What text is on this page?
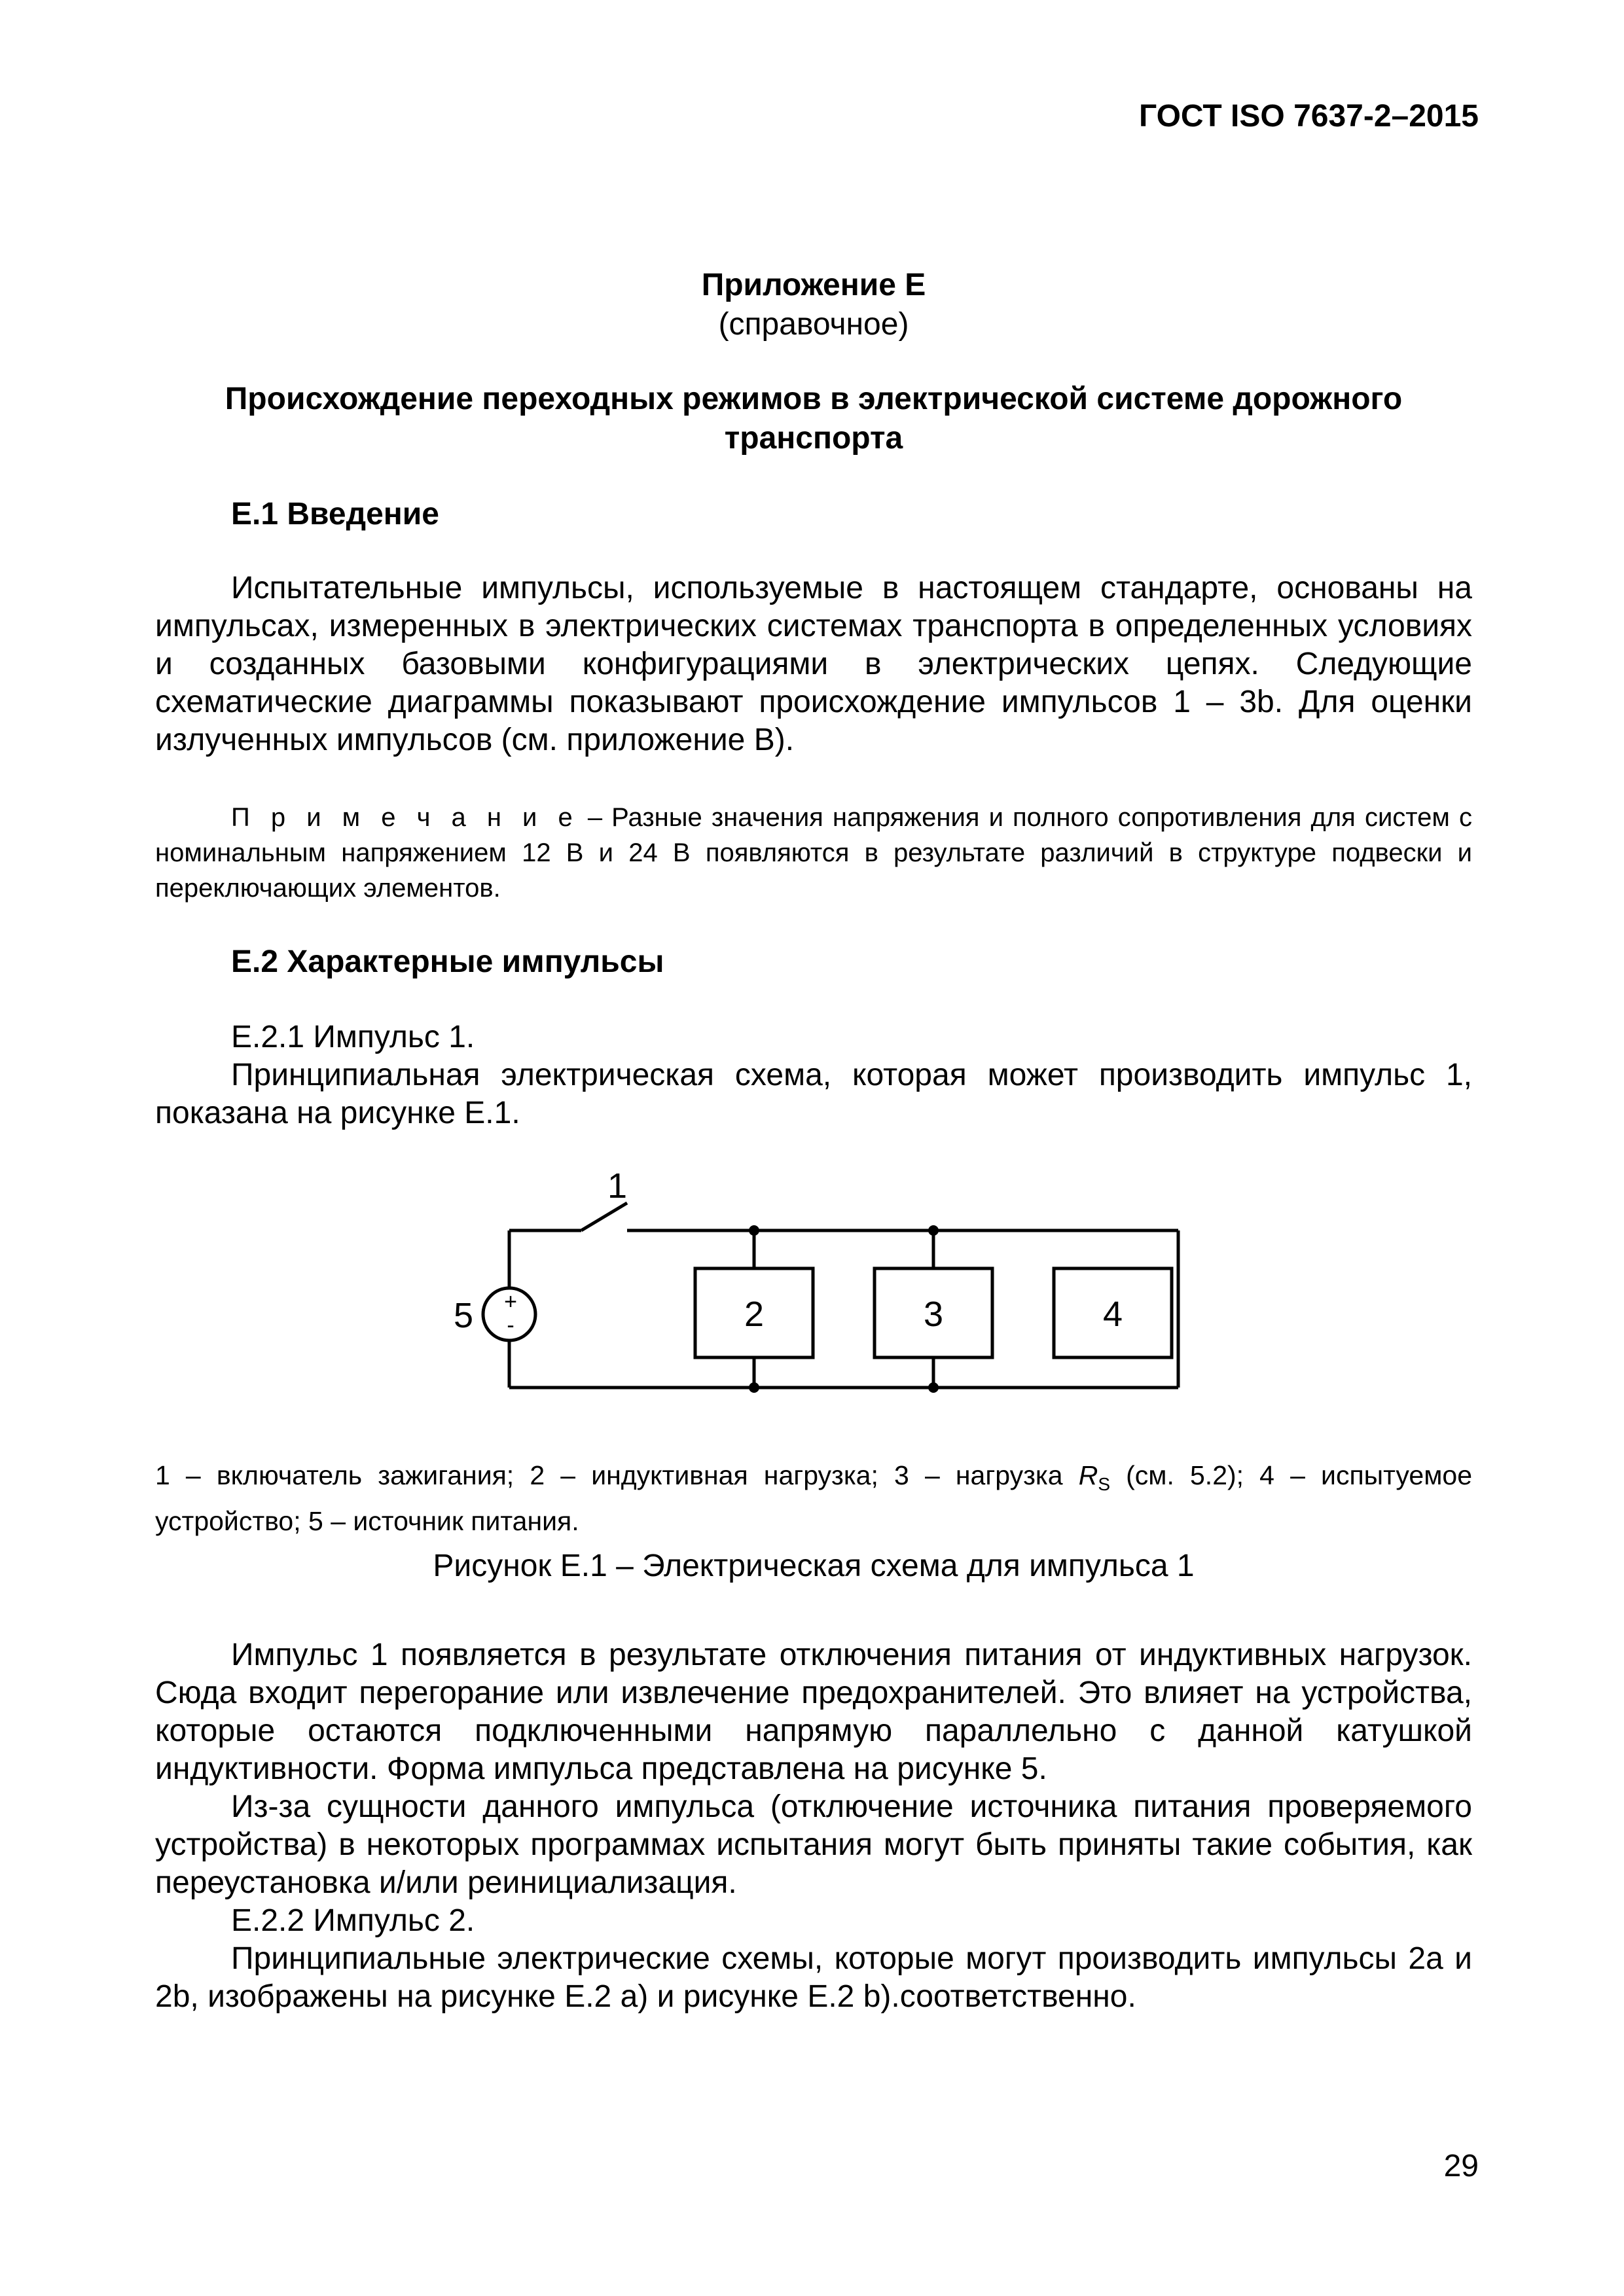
ГОСТ ISO 7637-2–2015
Приложение E
(справочное)
Происхождение переходных режимов в электрической системе дорожного транспорта
E.1 Введение

Испытательные импульсы, используемые в настоящем стандарте, основаны на импульсах, измеренных в электрических системах транспорта в определенных условиях и созданных базовыми конфигурациями в электрических цепях. Следующие схематические диаграммы показывают происхождение импульсов 1 – 3b. Для оценки излученных импульсов (см. приложение B).

П р и м е ч а н и е – Разные значения напряжения и полного сопротивления для систем с номинальным напряжением 12 В и 24 В появляются в результате различий в структуре подвески и переключающих элементов.
E.2 Характерные импульсы

E.2.1 Импульс 1.

Принципиальная электрическая схема, которая может производить импульс 1, показана на рисунке E.1.

1
2	3	4
5 +
-
1 – включатель зажигания; 2 – индуктивная нагрузка; 3 – нагрузка $R_S$ (см. 5.2); 4 – испытуемое устройство; 5 – источник питания.
Рисунок E.1 – Электрическая схема для импульса 1

Импульс 1 появляется в результате отключения питания от индуктивных нагрузок. Сюда входит перегорание или извлечение предохранителей. Это влияет на устройства, которые остаются подключенными напрямую параллельно с данной катушкой индуктивности. Форма импульса представлена на рисунке 5.

Из-за сущности данного импульса (отключение источника питания проверяемого устройства) в некоторых программах испытания могут быть приняты такие события, как переустановка и/или реинициализация.

E.2.2 Импульс 2.

Принципиальные электрические схемы, которые могут производить импульсы 2a и 2b, изображены на рисунке E.2 a) и рисунке E.2 b).соответственно.

29
